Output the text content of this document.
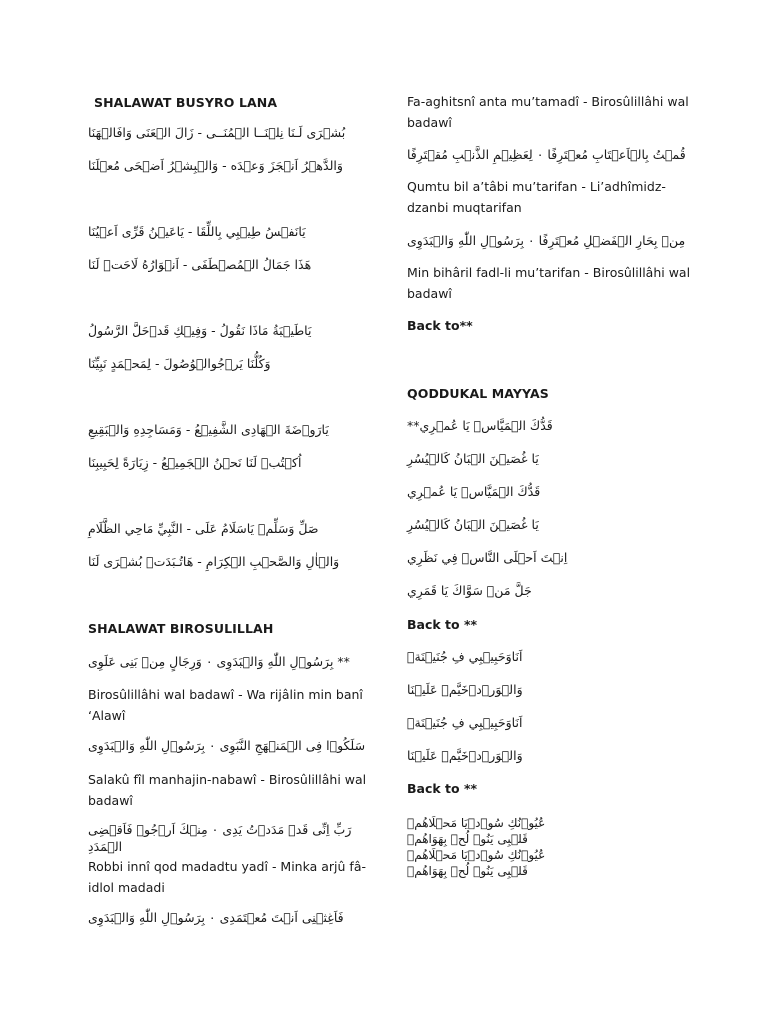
SHALAWAT BUSYRO LANA
بُشۡرَى لَـنَا نِلۡنَــا الۡمُنَــى - زَالَ الۡعَنَى وَافَالۡهَنَا
وَالدَّهۡرُ اَنۡجَزَ وَعۡدَه - وَالۡبِشۡرُ اَضۡحَى مُعۡلَنَا
يَانَفۡسُ طِيۡبِي بِاللِّقَا - يَاعَيۡنُ قَرِّى اَعۡيُنَا
هَذَا جَمَالُ الۡمُصۡطَفَى - اَنۡوَارُهُ لَاحَتۡ لَنَا
يَاطَيۡبَةُ مَاذَا نَقُولُ - وَفِيۡكِ قَدۡحَلَّ الرَّسُولُ
وَكُلُّنَا يَرۡجُوالۡوُصُولَ - لِمَحۡمَدٍ نَبِيِّنَا
يَارَوۡضَةَ الۡهَادِى الشَّفِيۡعُ - وَمَسَاجِدِهِ وَالۡبَقِيعِ
اُكۡتُبۡ لَنَا نَحۡنُ الۡجَمِيۡعُ - زِيَارَةً لِحَبِيبِنَا
صَلِّ وَسَلِّمۡ يَاسَلَامُ عَلَى - النَّبِيِّ مَاحِي الظَّلَامِ
وَالۡاٰلِ وَالصَّحۡبِ الۡكِرَامِ - هَاتُـبَدَتۡ بُشۡرَى لَنَا
SHALAWAT BIROSULILLAH
** بِرَسُوۡلِ اللّٰهِ وَالۡبَدَوِى ۰ وَرِجَالٍ مِنۡ بَنِى عَلَوِى
Birosûlillâhi wal badawî - Wa rijâlin min banî ‘Alawî
سَلَكُوۡا فِى الۡمَنۡهَجِ النَّبَوِى ۰ بِرَسُوۡلِ اللّٰهِ وَالۡبَدَوِى
Salakû fîl manhajin-nabawî - Birosûlillâhi wal badawî
رَبِّ اِنِّى قَدۡ مَدَدۡتُ يَدِى ۰ مِنۡكَ اَرۡجُوۡ فَاَقۡضِى الۡمَدَدِ
Robbi innî qod madadtu yadî - Minka arjû fâ-idlol madadi
فَاَغِثۡنِى اَنۡتَ مُعۡتَمَدِى ۰ بِرَسُوۡلِ اللّٰهِ وَالۡبَدَوِى
Fa-aghitsnî anta mu’tamadî - Birosûlillâhi wal badawî
قُمۡتُ بِالۡاَعۡتَابِ مُعۡتَرِفًا ۰ لِعَظِيۡمِ الذَّنۡبِ مُقۡتَرِفًا
Qumtu bil a’tâbi mu’tarifan - Li’adhîmidz-dzanbi muqtarifan
مِنۡ بِحَارِ الۡفَضۡلِ مُعۡتَرِفًا ۰ بِرَسُوۡلِ اللّٰهِ وَالۡبَدَوِى
Min bihâril fadl-li mu’tarifan - Birosûlillâhi wal badawî
Back to**
QODDUKAL MAYYAS
قَدُّكَ الۡمَيَّاسۡ يَا عُمۡرِي**
يَا غُصَيۡنَ الۡبَانُ كَالۡيُسُرِ
قَدُّكَ الۡمَيَّاسۡ يَا عُمۡرِي
يَا غُصَيۡنَ الۡبَانُ كَالۡيُسُرِ
اِنۡتَ اَحۡلَى النَّاسۡ فِي نَظَرِي
جَلَّ مَنۡ سَوَّاكَ يَا قَمَرِي
Back to **
اَنَاوَحَبِيۡبِي فِ جُنَيۡنَةۡ
وَالۡوَرۡدۡخَيَّمۡ عَلَيۡنَا
اَنَاوَحَبِيۡبِي فِ جُنَيۡنَةۡ
وَالۡوَرۡدۡخَيَّمۡ عَلَيۡنَا
Back to **
عُيُوۡنُكِ سُوۡدۡيَا مَحۡلَاهُمۡ
قَلۡبِى يَنُوۡ لُحۡ بِهَوَاهُمۡ
عُيُوۡنُكِ سُوۡدۡيَا مَحۡلَاهُمۡ
قَلۡبِى يَنُوۡ لُحۡ بِهَوَاهُمۡ
